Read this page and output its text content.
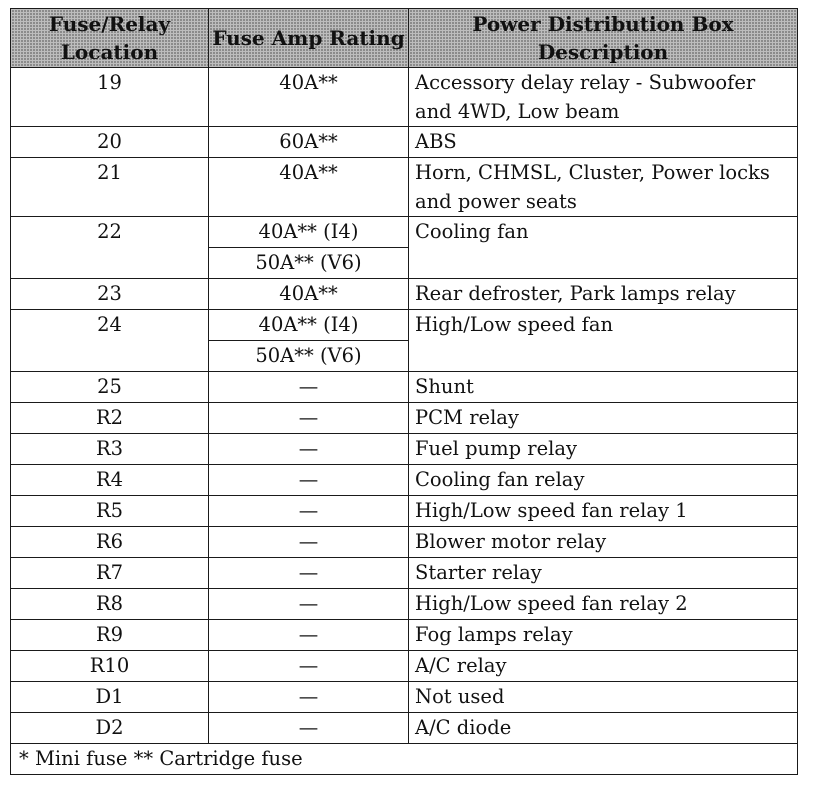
Fuse/Relay Location	Fuse Amp Rating	Power Distribution Box Description
19	40A**	Accessory delay relay - Subwoofer and 4WD, Low beam
20	60A**	ABS
21	40A**	Horn, CHMSL, Cluster, Power locks and power seats
22	40A** (I4)	Cooling fan
	50A** (V6)	
23	40A**	Rear defroster, Park lamps relay
24	40A** (I4)	High/Low speed fan
	50A** (V6)	
25	—	Shunt
R2	—	PCM relay
R3	—	Fuel pump relay
R4	—	Cooling fan relay
R5	—	High/Low speed fan relay 1
R6	—	Blower motor relay
R7	—	Starter relay
R8	—	High/Low speed fan relay 2
R9	—	Fog lamps relay
R10	—	A/C relay
D1	—	Not used
D2	—	A/C diode
* Mini fuse ** Cartridge fuse		
